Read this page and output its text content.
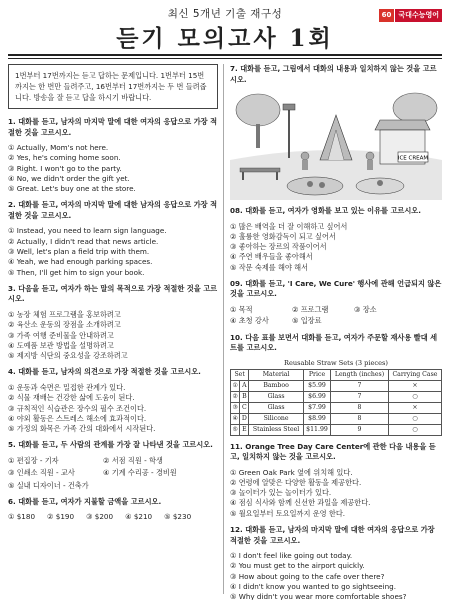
최신 5개년 기출 재구성
듣기 모의고사 1회
60	국대수능영어
1번부터 17번까지는 듣고 답하는 문제입니다. 1번부터 15번까지는 한 번만 들려주고, 16번부터 17번까지는 두 번 들려줍니다. 방송을 잘 듣고 답을 하시기 바랍니다.
1. 대화를 듣고, 남자의 마지막 말에 대한 여자의 응답으로 가장 적절한 것을 고르시오.
① Actually, Mom's not here.
② Yes, he's coming home soon.
③ Right. I won't go to the party.
④ No, we didn't order the gift yet.
⑤ Great. Let's buy one at the store.
2. 대화를 듣고, 여자의 마지막 말에 대한 남자의 응답으로 가장 적절한 것을 고르시오.
① Instead, you need to learn sign language.
② Actually, I didn't read that news article.
③ Well, let's plan a field trip with them.
④ Yeah, we had enough parking spaces.
⑤ Then, I'll get him to sign your book.
3. 다음을 듣고, 여자가 하는 말의 목적으로 가장 적절한 것을 고르시오.
① 농장 체험 프로그램을 홍보하려고
② 육산소 운동의 장점을 소개하려고
③ 가족 여행 준비물을 안내하려고
④ 도예품 보관 방법을 설명하려고
⑤ 제지방 식단의 중요성을 강조하려고
4. 대화를 듣고, 남자의 의견으로 가장 적절한 것을 고르시오.
① 운동과 숙면은 밀접한 관계가 있다.
② 식물 재배는 건강한 삶에 도움이 된다.
③ 규칙적인 식습관은 장수의 필수 조건이다.
④ 야외 활동은 스트레스 해소에 효과적이다.
⑤ 가정의 화목은 가족 간의 대화에서 시작된다.
5. 대화를 듣고, 두 사람의 관계를 가장 잘 나타낸 것을 고르시오.
① 편집장 - 기자	② 서점 직원 - 학생
③ 인쇄소 직원 - 교사	④ 기계 수리공 - 경비원
⑤ 실내 디자이너 - 건축가
6. 대화를 듣고, 여자가 지불할 금액을 고르시오.
① $180 ② $190 ③ $200 ④ $210 ⑤ $230
7. 대화를 듣고, 그림에서 대화의 내용과 일치하지 않는 것을 고르시오.
ICE CREAM
08. 대화를 듣고, 여자가 영화를 보고 있는 이유를 고르시오.
① 많은 배역을 더 잘 이해하고 싶어서
② 훌륭한 영화감독이 되고 싶어서
③ 좋아하는 장르의 작품이어서
④ 주연 배우들을 좋아해서
⑤ 작문 숙제를 해야 해서
09. 대화를 듣고, 'I Care, We Cure' 행사에 관해 언급되지 않은 것을 고르시오.
① 목적	② 프로그램	③ 장소
④ 초청 강사	⑤ 입장료
10. 다음 표를 보면서 대화를 듣고, 여자가 주문할 재사용 빨대 세트를 고르시오.
Reusable Straw Sets (3 pieces)
Set		Material	Price	Length (inches)	Carrying Case
①	A	Bamboo	$5.99	7	×
②	B	Glass	$6.99	7	○
③	C	Glass	$7.99	8	×
④	D	Silicone	$8.99	8	○
⑤	E	Stainless Steel	$11.99	9	○
11. Orange Tree Day Care Center에 관한 다음 내용을 듣고, 일치하지 않는 것을 고르시오.
① Green Oak Park 옆에 위치해 있다.
② 연령에 알맞은 다양한 활동을 제공한다.
③ 놀이터가 있는 놀이터가 있다.
④ 점심 식사와 함께 신선한 과일을 제공한다.
⑤ 월요일부터 토요일까지 운영 한다.
12. 대화를 듣고, 남자의 마지막 말에 대한 여자의 응답으로 가장 적절한 것을 고르시오.
① I don't feel like going out today.
② You must get to the airport quickly.
③ How about going to the cafe over there?
④ I didn't know you wanted to go sightseeing.
⑤ Why didn't you wear more comfortable shoes?
